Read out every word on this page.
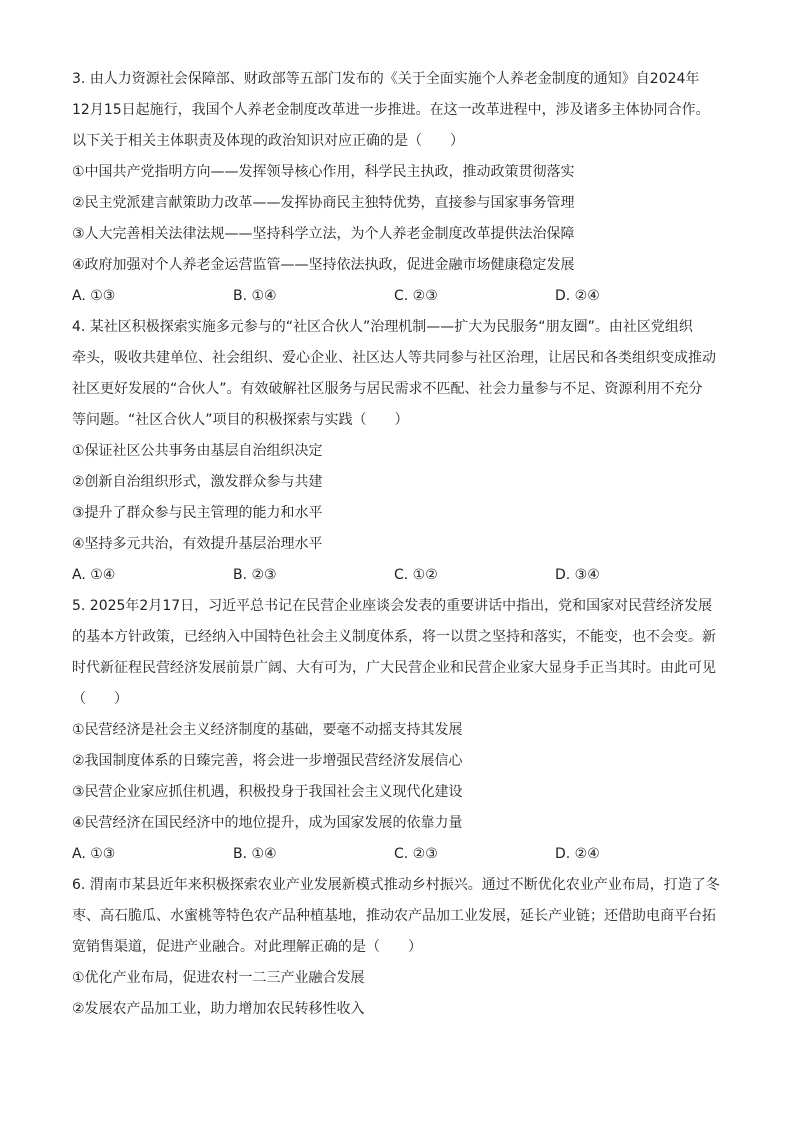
3. 由人力资源社会保障部、财政部等五部门发布的《关于全面实施个人养老金制度的通知》自2024年
12月15日起施行，我国个人养老金制度改革进一步推进。在这一改革进程中，涉及诸多主体协同合作。
以下关于相关主体职责及体现的政治知识对应正确的是（　　）
①中国共产党指明方向——发挥领导核心作用，科学民主执政，推动政策贯彻落实
②民主党派建言献策助力改革——发挥协商民主独特优势，直接参与国家事务管理
③人大完善相关法律法规——坚持科学立法，为个人养老金制度改革提供法治保障
④政府加强对个人养老金运营监管——坚持依法执政，促进金融市场健康稳定发展
A. ①③	B. ①④	C. ②③	D. ②④
4. 某社区积极探索实施多元参与的“社区合伙人”治理机制——扩大为民服务“朋友圈”。由社区党组织
牵头，吸收共建单位、社会组织、爱心企业、社区达人等共同参与社区治理，让居民和各类组织变成推动
社区更好发展的“合伙人”。有效破解社区服务与居民需求不匹配、社会力量参与不足、资源利用不充分
等问题。“社区合伙人”项目的积极探索与实践（　　）
①保证社区公共事务由基层自治组织决定
②创新自治组织形式，激发群众参与共建
③提升了群众参与民主管理的能力和水平
④坚持多元共治，有效提升基层治理水平
A. ①④	B. ②③	C. ①②	D. ③④
5. 2025年2月17日，习近平总书记在民营企业座谈会发表的重要讲话中指出，党和国家对民营经济发展
的基本方针政策，已经纳入中国特色社会主义制度体系，将一以贯之坚持和落实，不能变，也不会变。新
时代新征程民营经济发展前景广阔、大有可为，广大民营企业和民营企业家大显身手正当其时。由此可见
（　　）
①民营经济是社会主义经济制度的基础，要毫不动摇支持其发展
②我国制度体系的日臻完善，将会进一步增强民营经济发展信心
③民营企业家应抓住机遇，积极投身于我国社会主义现代化建设
④民营经济在国民经济中的地位提升，成为国家发展的依靠力量
A. ①③	B. ①④	C. ②③	D. ②④
6. 渭南市某县近年来积极探索农业产业发展新模式推动乡村振兴。通过不断优化农业产业布局，打造了冬
枣、高石脆瓜、水蜜桃等特色农产品种植基地，推动农产品加工业发展，延长产业链；还借助电商平台拓
宽销售渠道，促进产业融合。对此理解正确的是（　　）
①优化产业布局，促进农村一二三产业融合发展
②发展农产品加工业，助力增加农民转移性收入
